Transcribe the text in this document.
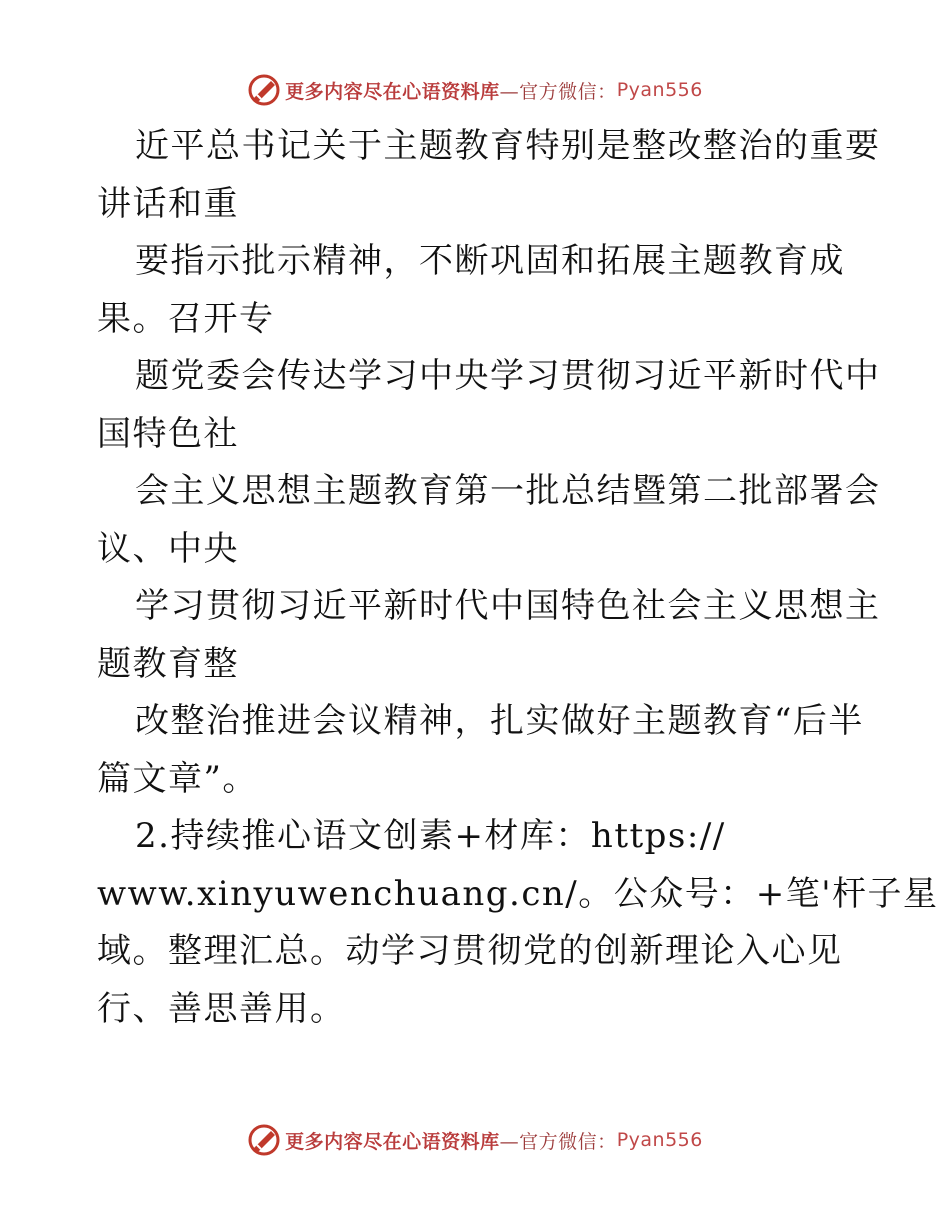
更多内容尽在心语资料库 —官方微信： Pyan556
近平总书记关于主题教育特别是整改整治的重要
讲话和重
要指示批示精神，不断巩固和拓展主题教育成
果。召开专
题党委会传达学习中央学习贯彻习近平新时代中
国特色社
会主义思想主题教育第一批总结暨第二批部署会
议、中央
学习贯彻习近平新时代中国特色社会主义思想主
题教育整
改整治推进会议精神，扎实做好主题教育“后半
篇文章”。
2.持续推心语文创素+材库：https://
www.xinyuwenchuang.cn/。公众号：+笔'杆子星
域。整理汇总。动学习贯彻党的创新理论入心见
行、善思善用。
更多内容尽在心语资料库 —官方微信： Pyan556
